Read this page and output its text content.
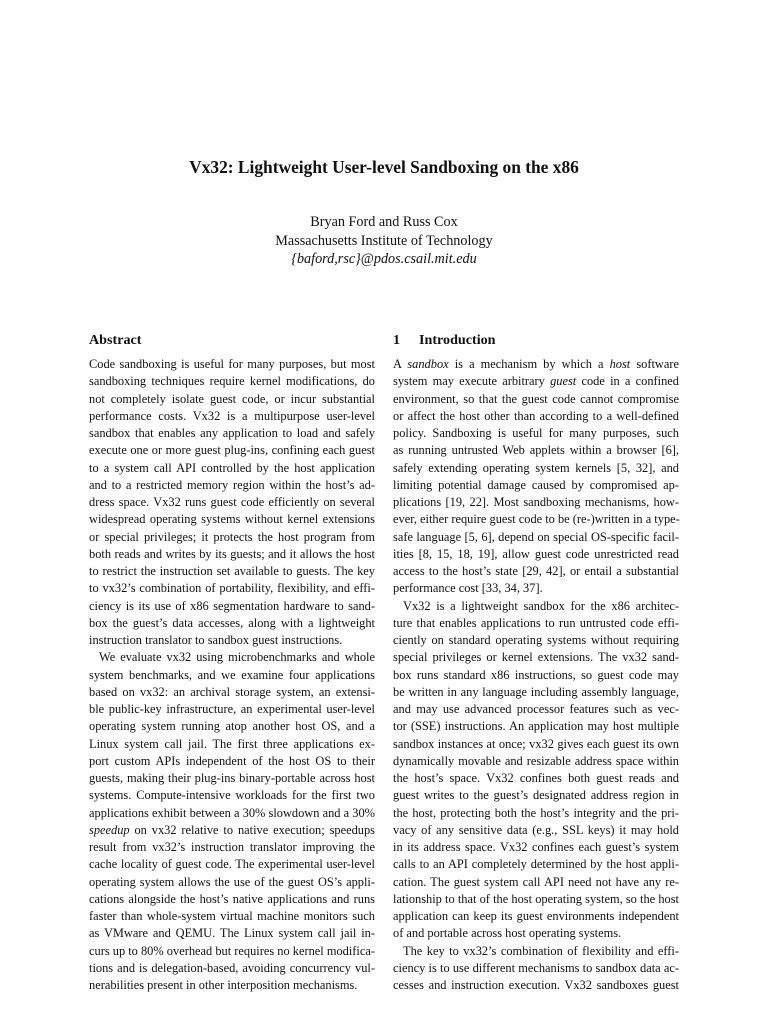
Vx32: Lightweight User-level Sandboxing on the x86
Bryan Ford and Russ Cox
Massachusetts Institute of Technology
{baford,rsc}@pdos.csail.mit.edu
Abstract
Code sandboxing is useful for many purposes, but most
sandboxing techniques require kernel modifications, do
not completely isolate guest code, or incur substantial
performance costs. Vx32 is a multipurpose user-level
sandbox that enables any application to load and safely
execute one or more guest plug-ins, confining each guest
to a system call API controlled by the host application
and to a restricted memory region within the host’s ad-
dress space. Vx32 runs guest code efficiently on several
widespread operating systems without kernel extensions
or special privileges; it protects the host program from
both reads and writes by its guests; and it allows the host
to restrict the instruction set available to guests. The key
to vx32’s combination of portability, flexibility, and effi-
ciency is its use of x86 segmentation hardware to sand-
box the guest’s data accesses, along with a lightweight
instruction translator to sandbox guest instructions.
We evaluate vx32 using microbenchmarks and whole
system benchmarks, and we examine four applications
based on vx32: an archival storage system, an extensi-
ble public-key infrastructure, an experimental user-level
operating system running atop another host OS, and a
Linux system call jail. The first three applications ex-
port custom APIs independent of the host OS to their
guests, making their plug-ins binary-portable across host
systems. Compute-intensive workloads for the first two
applications exhibit between a 30% slowdown and a 30%
speedup on vx32 relative to native execution; speedups
result from vx32’s instruction translator improving the
cache locality of guest code. The experimental user-level
operating system allows the use of the guest OS’s appli-
cations alongside the host’s native applications and runs
faster than whole-system virtual machine monitors such
as VMware and QEMU. The Linux system call jail in-
curs up to 80% overhead but requires no kernel modifica-
tions and is delegation-based, avoiding concurrency vul-
nerabilities present in other interposition mechanisms.
1 Introduction
A sandbox is a mechanism by which a host software
system may execute arbitrary guest code in a confined
environment, so that the guest code cannot compromise
or affect the host other than according to a well-defined
policy. Sandboxing is useful for many purposes, such
as running untrusted Web applets within a browser [6],
safely extending operating system kernels [5, 32], and
limiting potential damage caused by compromised ap-
plications [19, 22]. Most sandboxing mechanisms, how-
ever, either require guest code to be (re-)written in a type-
safe language [5, 6], depend on special OS-specific facil-
ities [8, 15, 18, 19], allow guest code unrestricted read
access to the host’s state [29, 42], or entail a substantial
performance cost [33, 34, 37].
Vx32 is a lightweight sandbox for the x86 architec-
ture that enables applications to run untrusted code effi-
ciently on standard operating systems without requiring
special privileges or kernel extensions. The vx32 sand-
box runs standard x86 instructions, so guest code may
be written in any language including assembly language,
and may use advanced processor features such as vec-
tor (SSE) instructions. An application may host multiple
sandbox instances at once; vx32 gives each guest its own
dynamically movable and resizable address space within
the host’s space. Vx32 confines both guest reads and
guest writes to the guest’s designated address region in
the host, protecting both the host’s integrity and the pri-
vacy of any sensitive data (e.g., SSL keys) it may hold
in its address space. Vx32 confines each guest’s system
calls to an API completely determined by the host appli-
cation. The guest system call API need not have any re-
lationship to that of the host operating system, so the host
application can keep its guest environments independent
of and portable across host operating systems.
The key to vx32’s combination of flexibility and effi-
ciency is to use different mechanisms to sandbox data ac-
cesses and instruction execution. Vx32 sandboxes guest
